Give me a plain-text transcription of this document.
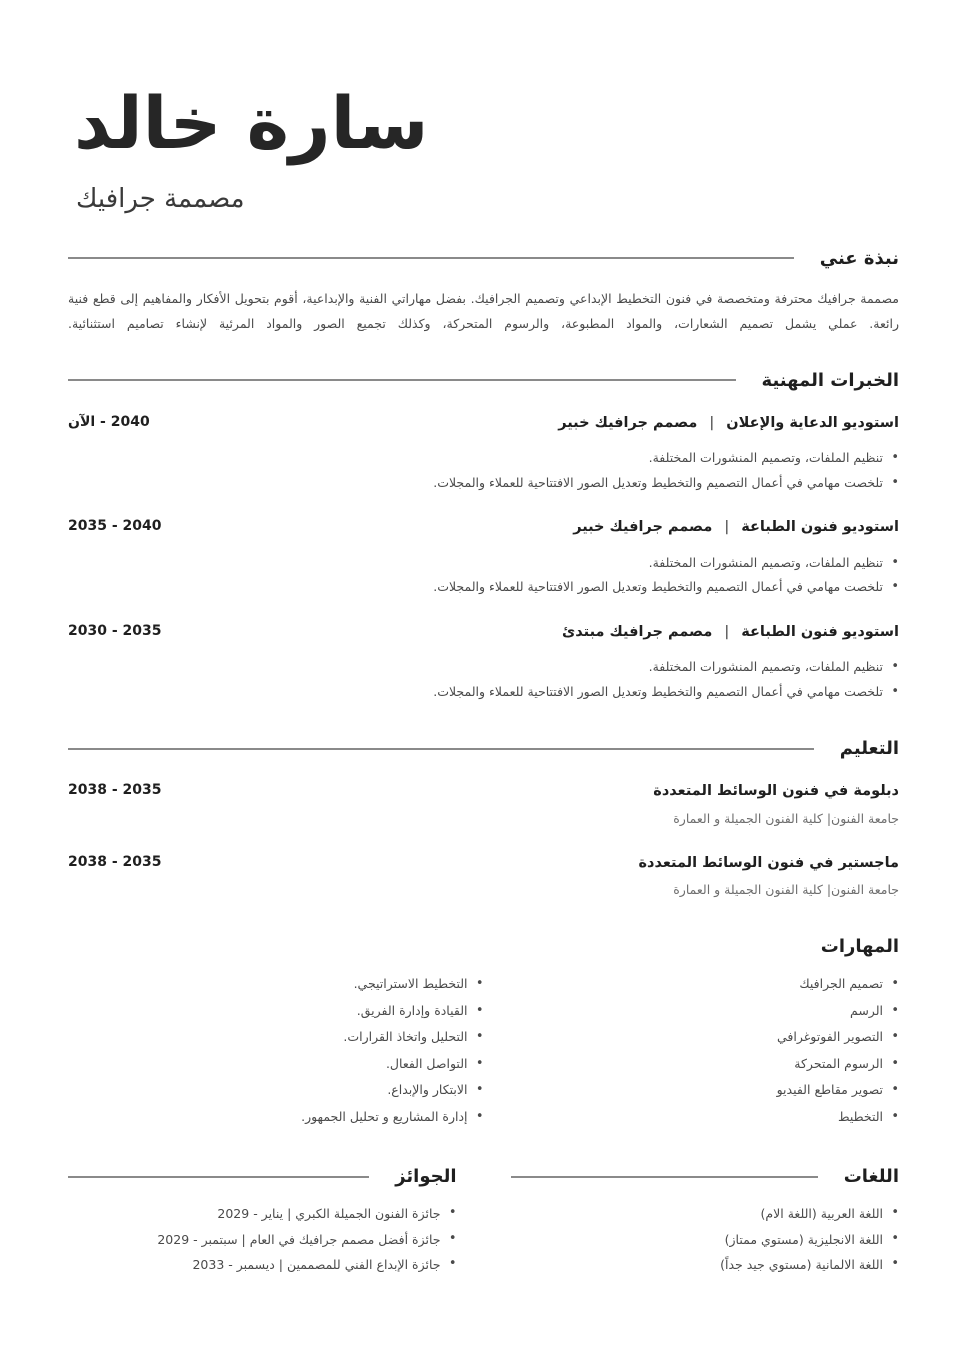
سارة خالد
مصممة جرافيك
نبذة عني
مصممة جرافيك محترفة ومتخصصة في فنون التخطيط الإبداعي وتصميم الجرافيك. بفضل مهاراتي الفنية والإبداعية، أقوم بتحويل الأفكار والمفاهيم إلى قطع فنية رائعة. عملي يشمل تصميم الشعارات، والمواد المطبوعة، والرسوم المتحركة، وكذلك تجميع الصور والمواد المرئية لإنشاء تصاميم استثنائية.
الخبرات المهنية
استوديو الدعاية والإعلان|مصمم جرافيك خبير
• تنظيم الملفات، وتصميم المنشورات المختلفة.
• تلخصت مهامي في أعمال التصميم والتخطيط وتعديل الصور الافتتاحية للعملاء والمجلات.
2040 - الآن
استوديو فنون الطباعة|مصمم جرافيك خبير
• تنظيم الملفات، وتصميم المنشورات المختلفة.
• تلخصت مهامي في أعمال التصميم والتخطيط وتعديل الصور الافتتاحية للعملاء والمجلات.
2040 - 2035
استوديو فنون الطباعة|مصمم جرافيك مبتدئ
• تنظيم الملفات، وتصميم المنشورات المختلفة.
• تلخصت مهامي في أعمال التصميم والتخطيط وتعديل الصور الافتتاحية للعملاء والمجلات.
2035 - 2030
التعليم
دبلومة في فنون الوسائط المتعددة
جامعة الفنون| كلية الفنون الجميلة و العمارة
2035 - 2038
ماجستير في فنون الوسائط المتعددة
جامعة الفنون| كلية الفنون الجميلة و العمارة
2035 - 2038
المهارات
• تصميم الجرافيك
• الرسم
• التصوير الفوتوغرافي
• الرسوم المتحركة
• تصوير مقاطع الفيديو
• التخطيط
• التخطيط الاستراتيجي.
• القيادة وإدارة الفريق.
• التحليل واتخاذ القرارات.
• التواصل الفعال.
• الابتكار والإبداع.
• إدارة المشاريع و تحليل الجمهور.
اللغات
• اللغة العربية (اللغة الام)
• اللغة الانجليزية (مستوي ممتاز)
• اللغة الالمانية (مستوي جيد جداً)
الجوائز
• جائزة الفنون الجميلة الكبري | يناير - 2029
• جائزة أفضل مصمم جرافيك في العام | سبتمبر - 2029
• جائزة الإبداع الفني للمصممين | ديسمبر - 2033
